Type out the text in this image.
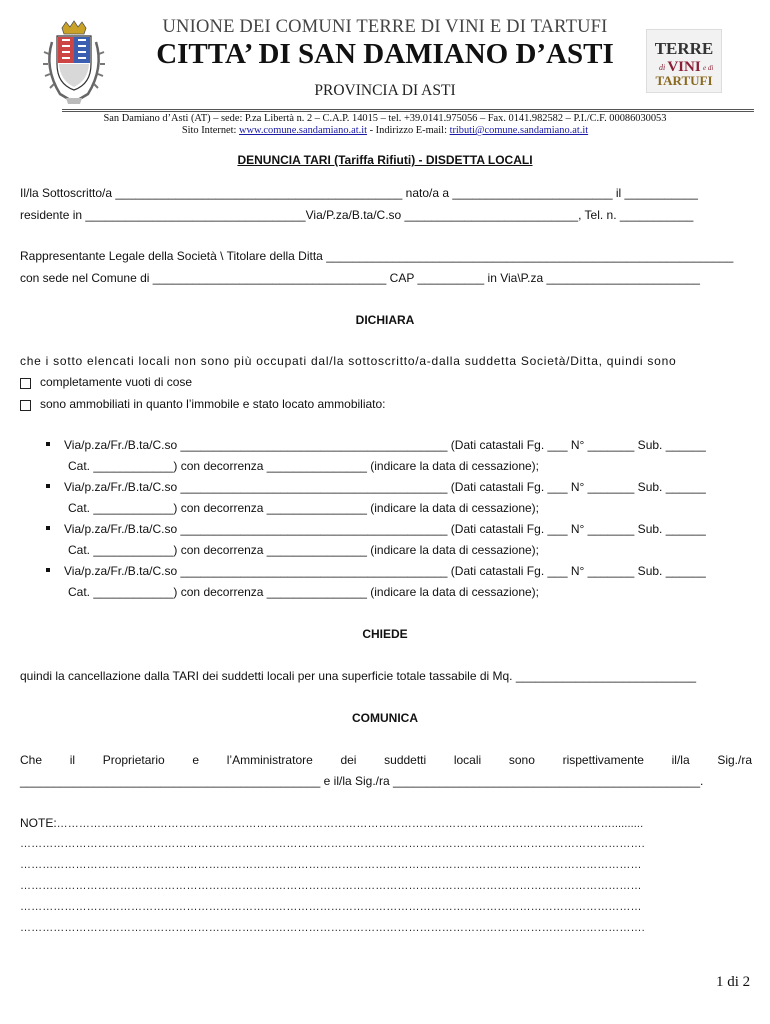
TERRE
di VINI e di
TARTUFI
UNIONE DEI COMUNI TERRE DI VINI E DI TARTUFI
CITTA’ DI SAN DAMIANO D’ASTI
PROVINCIA DI ASTI
San Damiano d’Asti (AT) – sede: P.za Libertà n. 2 – C.A.P. 14015 – tel. +39.0141.975056 – Fax. 0141.982582 – P.I./C.F. 00086030053
Sito Internet: www.comune.sandamiano.at.it - Indirizzo E-mail: tributi@comune.sandamiano.at.it
DENUNCIA TARI (Tariffa Rifiuti) - DISDETTA LOCALI
Il/la Sottoscritto/a ___________________________________________ nato/a a ________________________ il ___________
residente in _________________________________Via/P.za/B.ta/C.so __________________________, Tel. n. ___________
Rappresentante Legale della Società \ Titolare della Ditta _____________________________________________________________
con sede nel Comune di ___________________________________ CAP __________ in Via\P.za _______________________
DICHIARA
che i sotto elencati locali non sono più occupati dal/la sottoscritto/a-dalla suddetta Società/Ditta, quindi sono
completamente vuoti di cose
sono ammobiliati in quanto l’immobile e stato locato ammobiliato:
Via/p.za/Fr./B.ta/C.so ________________________________________ (Dati catastali Fg. ___ N° _______ Sub. ______
Cat. ____________) con decorrenza _______________ (indicare la data di cessazione);
Via/p.za/Fr./B.ta/C.so ________________________________________ (Dati catastali Fg. ___ N° _______ Sub. ______
Cat. ____________) con decorrenza _______________ (indicare la data di cessazione);
Via/p.za/Fr./B.ta/C.so ________________________________________ (Dati catastali Fg. ___ N° _______ Sub. ______
Cat. ____________) con decorrenza _______________ (indicare la data di cessazione);
Via/p.za/Fr./B.ta/C.so ________________________________________ (Dati catastali Fg. ___ N° _______ Sub. ______
Cat. ____________) con decorrenza _______________ (indicare la data di cessazione);
CHIEDE
quindi la cancellazione dalla TARI dei suddetti locali per una superficie totale tassabile di Mq. ___________________________
COMUNICA
Che il Proprietario e l’Amministratore dei suddetti locali sono rispettivamente il/la Sig./ra
_____________________________________________ e il/la Sig./ra ______________________________________________.
NOTE:……………………………………………………………………………………………………………………………………..........
…………………………………………………………………………………………………………………………………………………….
……………………………………………………………………………………………………………………………………………………
……………………………………………………………………………………………………………………………………………………
……………………………………………………………………………………………………………………………………………………
…………………………………………………………………………………………………………………………………………………….
1 di 2
